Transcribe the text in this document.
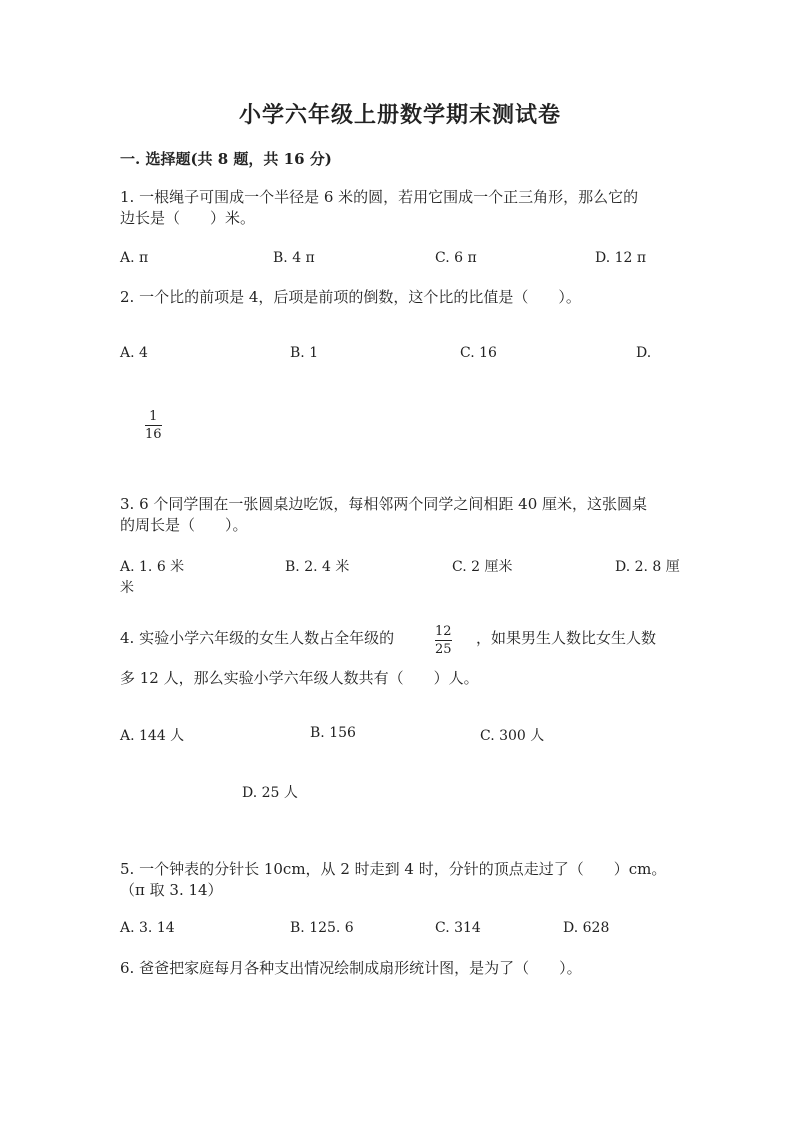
小学六年级上册数学期末测试卷
一. 选择题(共 8 题，共 16 分)
1. 一根绳子可围成一个半径是 6 米的圆，若用它围成一个正三角形，那么它的
边长是（　　）米。
A. π	B. 4 π	C. 6 π	D. 12 π
2. 一个比的前项是 4，后项是前项的倒数，这个比的比值是（　　）。
A. 4	B. 1	C. 16	D.
1
16
3. 6 个同学围在一张圆桌边吃饭，每相邻两个同学之间相距 40 厘米，这张圆桌
的周长是（　　）。
A. 1. 6 米	B. 2. 4 米	C. 2 厘米	D. 2. 8 厘
米
4. 实验小学六年级的女生人数占全年级的	12
25
，如果男生人数比女生人数
多 12 人，那么实验小学六年级人数共有（　　）人。
A. 144 人	B. 156	C. 300 人
D. 25 人
5. 一个钟表的分针长 10cm，从 2 时走到 4 时，分针的顶点走过了（　　）cm。
（π 取 3. 14）
A. 3. 14	B. 125. 6	C. 314	D. 628
6. 爸爸把家庭每月各种支出情况绘制成扇形统计图，是为了（　　）。
